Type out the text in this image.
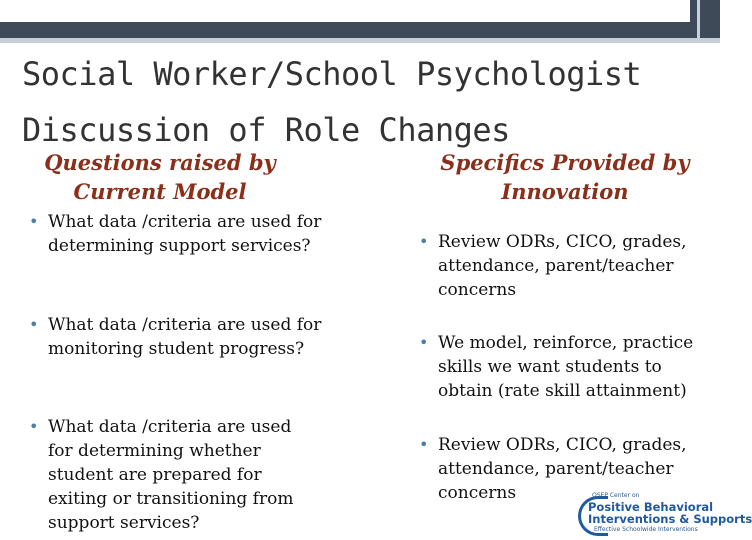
Social Worker/School Psychologist
Discussion of Role Changes
Questions raised by
Current Model
Specifics Provided by
Innovation
• What data /criteria are used for determining support services?
• What data /criteria are used for monitoring student progress?
• What data /criteria are used for determining whether student are prepared for exiting or transitioning from support services?
• Review ODRs, CICO, grades, attendance, parent/teacher concerns
• We model, reinforce, practice skills we want students to obtain (rate skill attainment)
• Review ODRs, CICO, grades, attendance, parent/teacher concerns	OSEP Center on
Positive Behavioral
Interventions & Supports
Effective Schoolwide Interventions
